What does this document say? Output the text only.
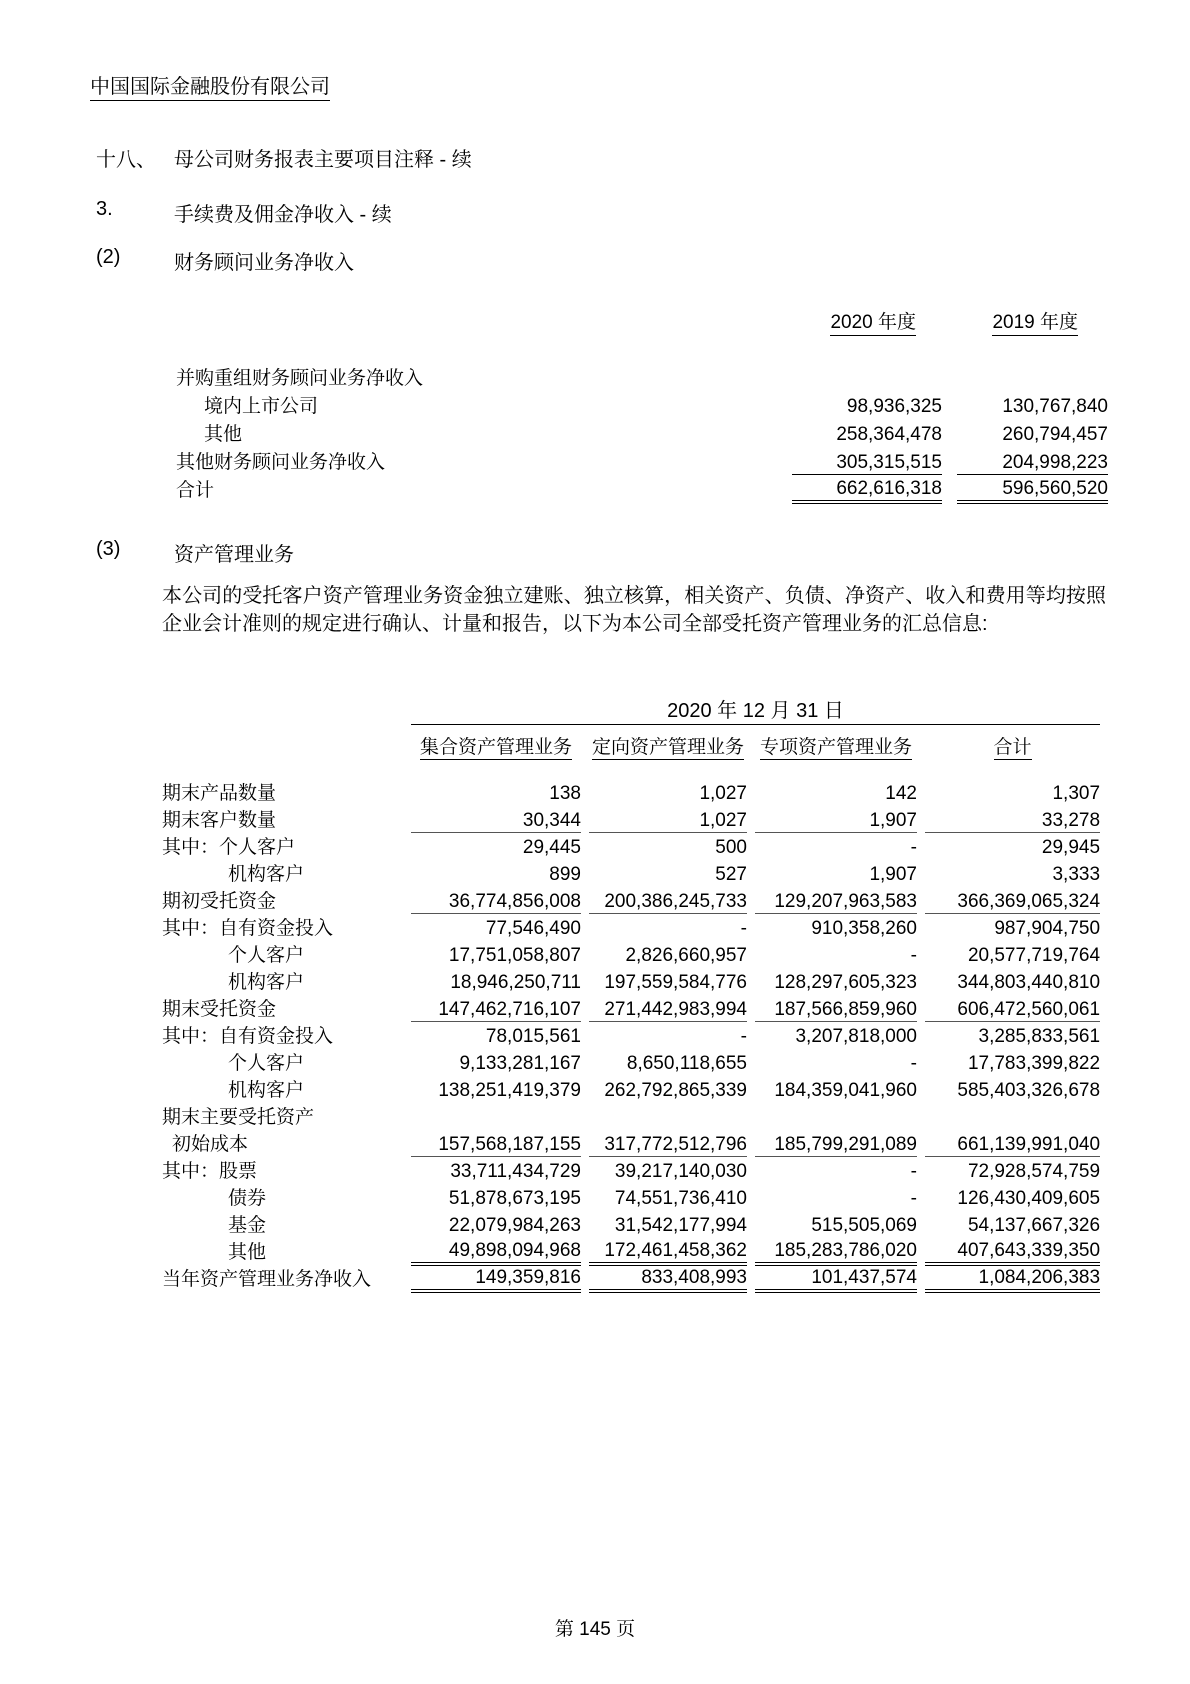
中国国际金融股份有限公司
十八、 母公司财务报表主要项目注释 - 续
3.	手续费及佣金净收入 - 续
(2)	财务顾问业务净收入
	2020 年度		2019 年度

并购重组财务顾问业务净收入			
境内上市公司	98,936,325		130,767,840
其他	258,364,478		260,794,457
其他财务顾问业务净收入	305,315,515		204,998,223
合计	662,616,318		596,560,520
(3)	资产管理业务
本公司的受托客户资产管理业务资金独立建账、独立核算，相关资产、负债、净资产、收入和费用等均按照企业会计准则的规定进行确认、计量和报告，以下为本公司全部受托资产管理业务的汇总信息:
	2020 年 12 月 31 日						
	集合资产管理业务		定向资产管理业务		专项资产管理业务		合计

期末产品数量	138		1,027		142		1,307
期末客户数量	30,344		1,027		1,907		33,278
其中：个人客户	29,445		500		-		29,945
机构客户	899		527		1,907		3,333
期初受托资金	36,774,856,008		200,386,245,733		129,207,963,583		366,369,065,324
其中：自有资金投入	77,546,490		-		910,358,260		987,904,750
个人客户	17,751,058,807		2,826,660,957		-		20,577,719,764
机构客户	18,946,250,711		197,559,584,776		128,297,605,323		344,803,440,810
期末受托资金	147,462,716,107		271,442,983,994		187,566,859,960		606,472,560,061
其中：自有资金投入	78,015,561		-		3,207,818,000		3,285,833,561
个人客户	9,133,281,167		8,650,118,655		-		17,783,399,822
机构客户	138,251,419,379		262,792,865,339		184,359,041,960		585,403,326,678
期末主要受托资产							
初始成本	157,568,187,155		317,772,512,796		185,799,291,089		661,139,991,040
其中：股票	33,711,434,729		39,217,140,030		-		72,928,574,759
债券	51,878,673,195		74,551,736,410		-		126,430,409,605
基金	22,079,984,263		31,542,177,994		515,505,069		54,137,667,326
其他	49,898,094,968		172,461,458,362		185,283,786,020		407,643,339,350
当年资产管理业务净收入	149,359,816		833,408,993		101,437,574		1,084,206,383
第 145 页
